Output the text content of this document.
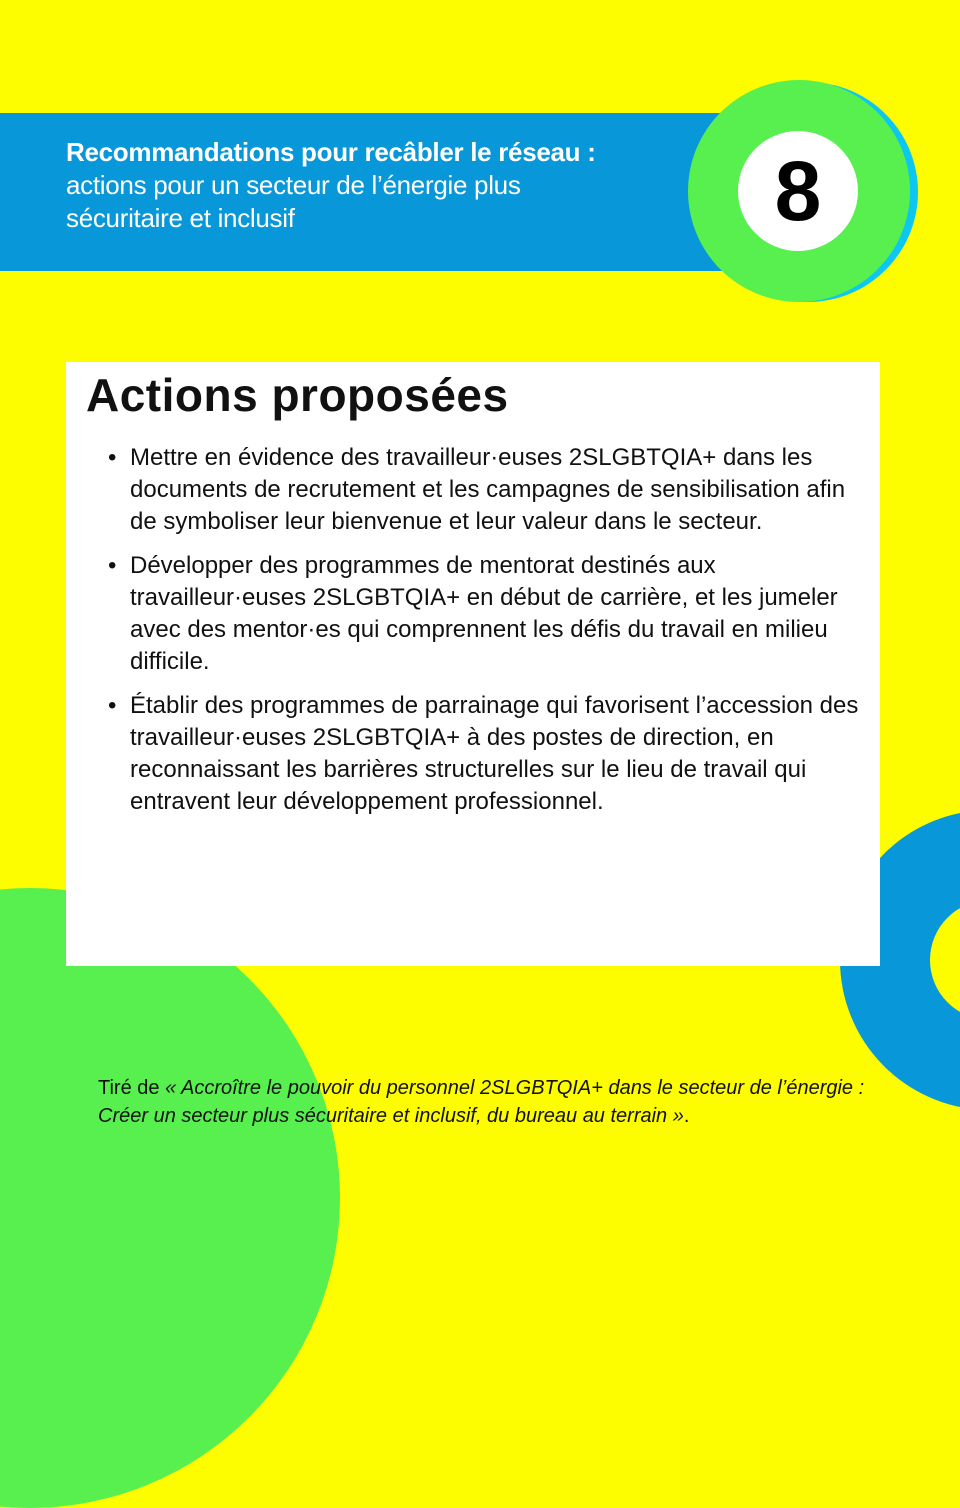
Recommandations pour recâbler le réseau :
actions pour un secteur de l’énergie plus
sécuritaire et inclusif	8
Actions proposées
• Mettre en évidence des travailleur·euses 2SLGBTQIA+ dans les documents de recrutement et les campagnes de sensibilisation afin de symboliser leur bienvenue et leur valeur dans le secteur.
• Développer des programmes de mentorat destinés aux travailleur·euses 2SLGBTQIA+ en début de carrière, et les jumeler avec des mentor·es qui comprennent les défis du travail en milieu difficile.
• Établir des programmes de parrainage qui favorisent l’accession des travailleur·euses 2SLGBTQIA+ à des postes de direction, en reconnaissant les barrières structurelles sur le lieu de travail qui entravent leur développement professionnel.
Tiré de « Accroître le pouvoir du personnel 2SLGBTQIA+ dans le secteur de l’énergie : Créer un secteur plus sécuritaire et inclusif, du bureau au terrain ».
